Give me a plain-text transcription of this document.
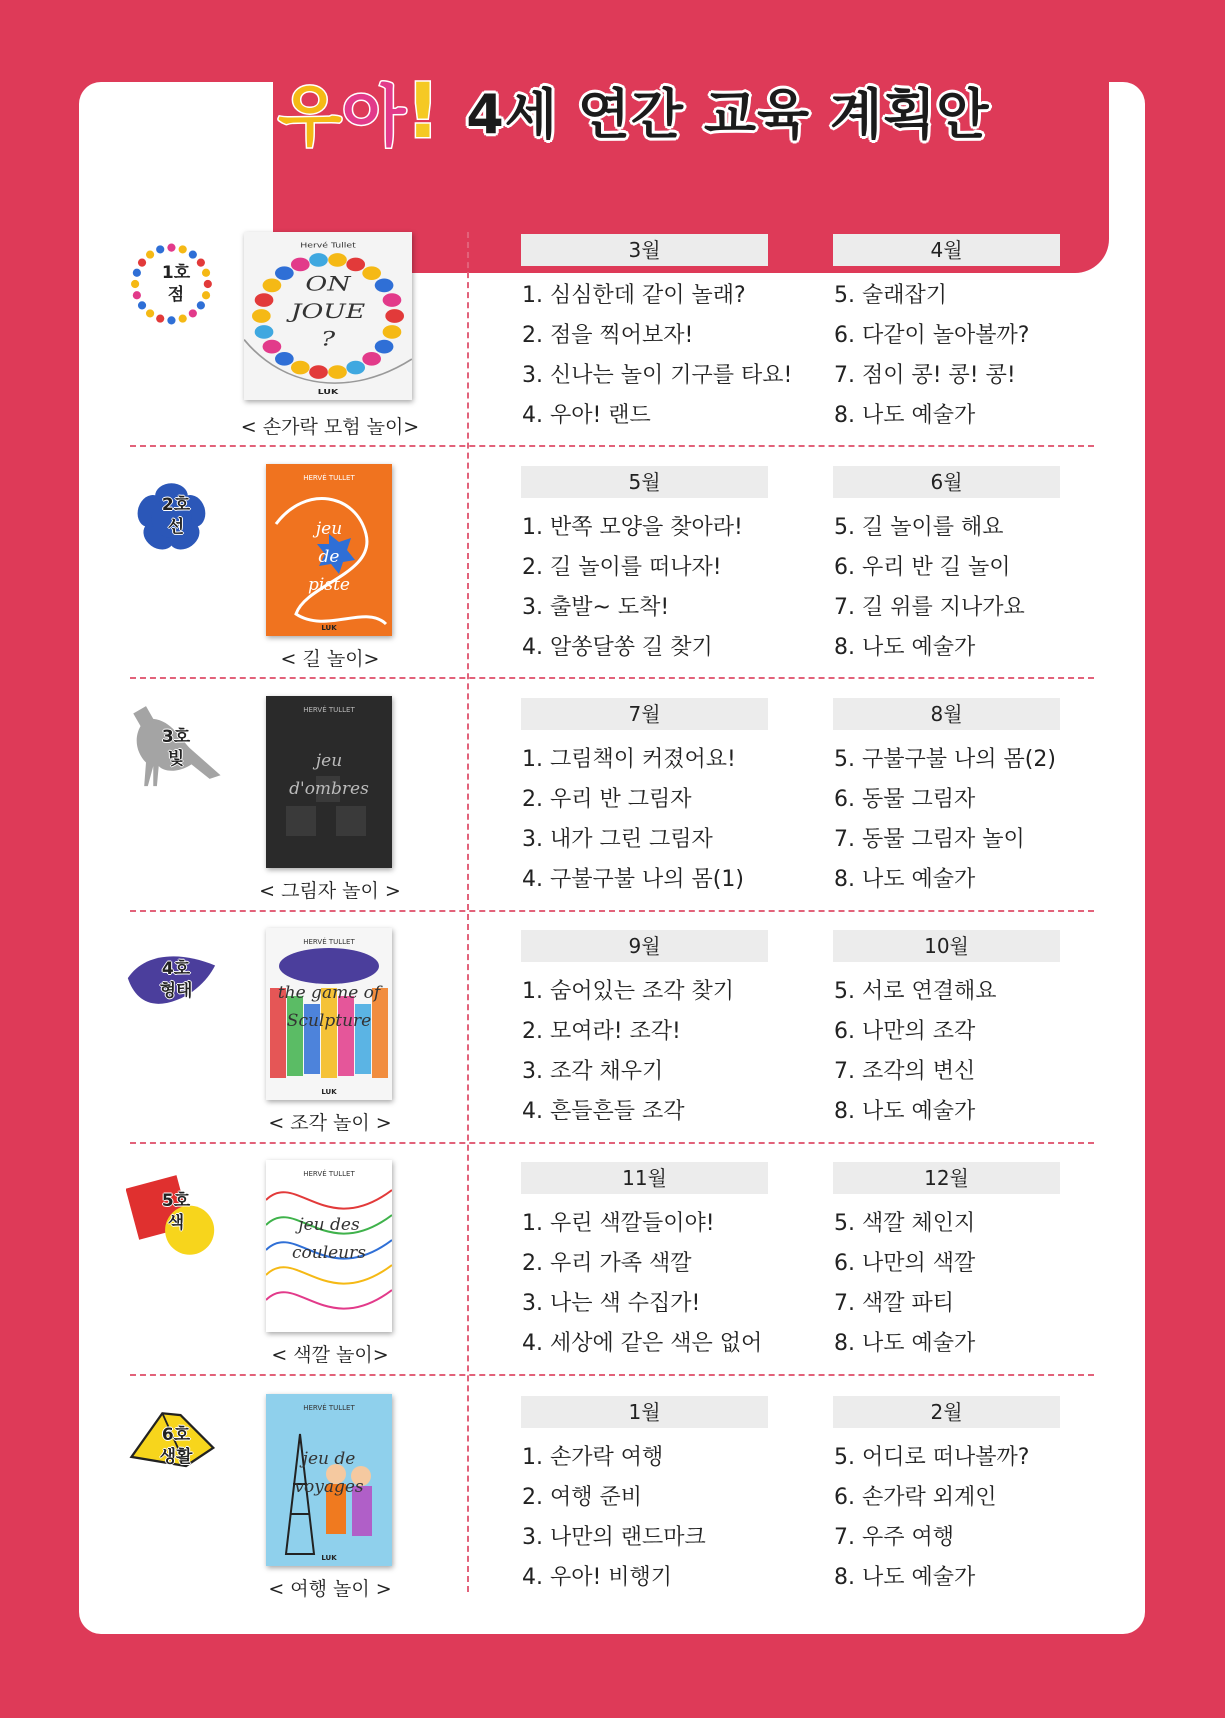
우 아 ! 4세 연간 교육 계획안
1호
점
Hervé Tullet
ON
JOUE
?
LUK
< 손가락 모험 놀이>
3월
1. 심심한데 같이 놀래?
2. 점을 찍어보자!
3. 신나는 놀이 기구를 타요!
4. 우아! 랜드
4월
5. 술래잡기
6. 다같이 놀아볼까?
7. 점이 콩! 콩! 콩!
8. 나도 예술가
2호
선
HERVÉ TULLET
jeu
de
piste
LUK
< 길 놀이>
5월
1. 반쪽 모양을 찾아라!
2. 길 놀이를 떠나자!
3. 출발~ 도착!
4. 알쏭달쏭 길 찾기
6월
5. 길 놀이를 해요
6. 우리 반 길 놀이
7. 길 위를 지나가요
8. 나도 예술가
3호
빛
HERVÉ TULLET
jeu
d'ombres
< 그림자 놀이 >
7월
1. 그림책이 커졌어요!
2. 우리 반 그림자
3. 내가 그린 그림자
4. 구불구불 나의 몸(1)
8월
5. 구불구불 나의 몸(2)
6. 동물 그림자
7. 동물 그림자 놀이
8. 나도 예술가
4호
형태
HERVÉ TULLET
the game of
Sculpture
LUK
< 조각 놀이 >
9월
1. 숨어있는 조각 찾기
2. 모여라! 조각!
3. 조각 채우기
4. 흔들흔들 조각
10월
5. 서로 연결해요
6. 나만의 조각
7. 조각의 변신
8. 나도 예술가
5호
색
HERVÉ TULLET
jeu des
couleurs
< 색깔 놀이>
11월
1. 우린 색깔들이야!
2. 우리 가족 색깔
3. 나는 색 수집가!
4. 세상에 같은 색은 없어
12월
5. 색깔 체인지
6. 나만의 색깔
7. 색깔 파티
8. 나도 예술가
6호
생활
HERVÉ TULLET
jeu de
voyages
LUK
< 여행 놀이 >
1월
1. 손가락 여행
2. 여행 준비
3. 나만의 랜드마크
4. 우아! 비행기
2월
5. 어디로 떠나볼까?
6. 손가락 외계인
7. 우주 여행
8. 나도 예술가
